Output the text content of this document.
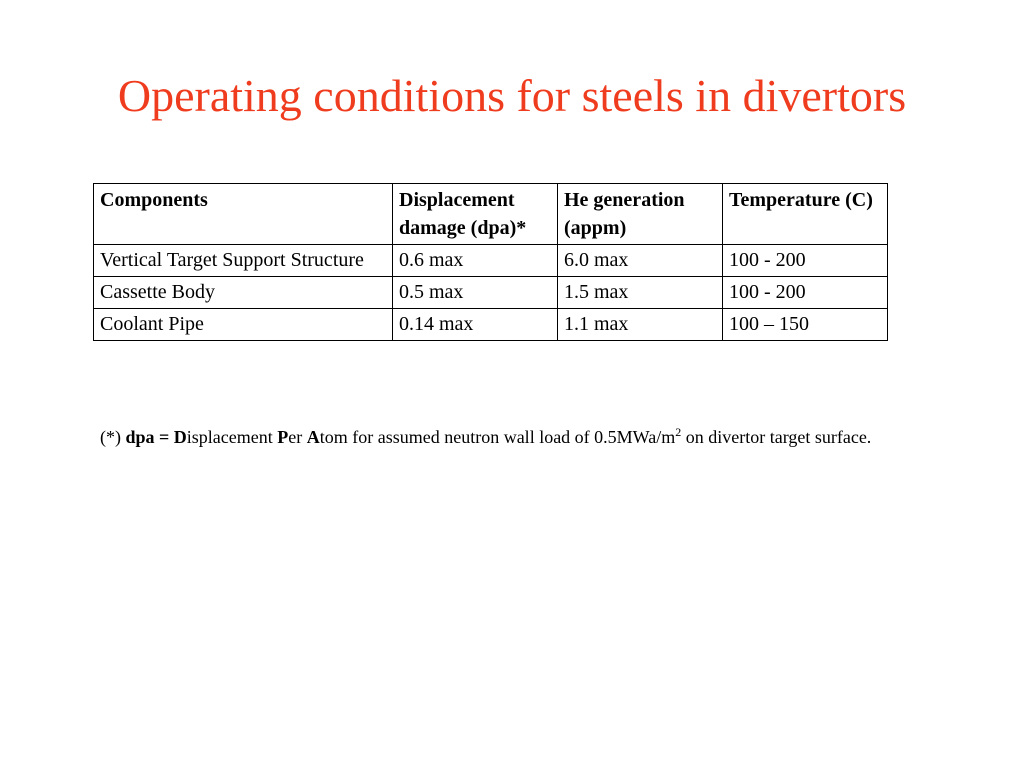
Operating conditions for steels in divertors
Components	Displacement damage (dpa)*	He generation (appm)	Temperature (C)
Vertical Target Support Structure	0.6 max	6.0 max	100 - 200
Cassette Body	0.5 max	1.5 max	100 - 200
Coolant Pipe	0.14 max	1.1 max	100 – 150

(*) dpa = Displacement Per Atom for assumed neutron wall load of $0.5MWa/m^2$ on divertor target surface.
